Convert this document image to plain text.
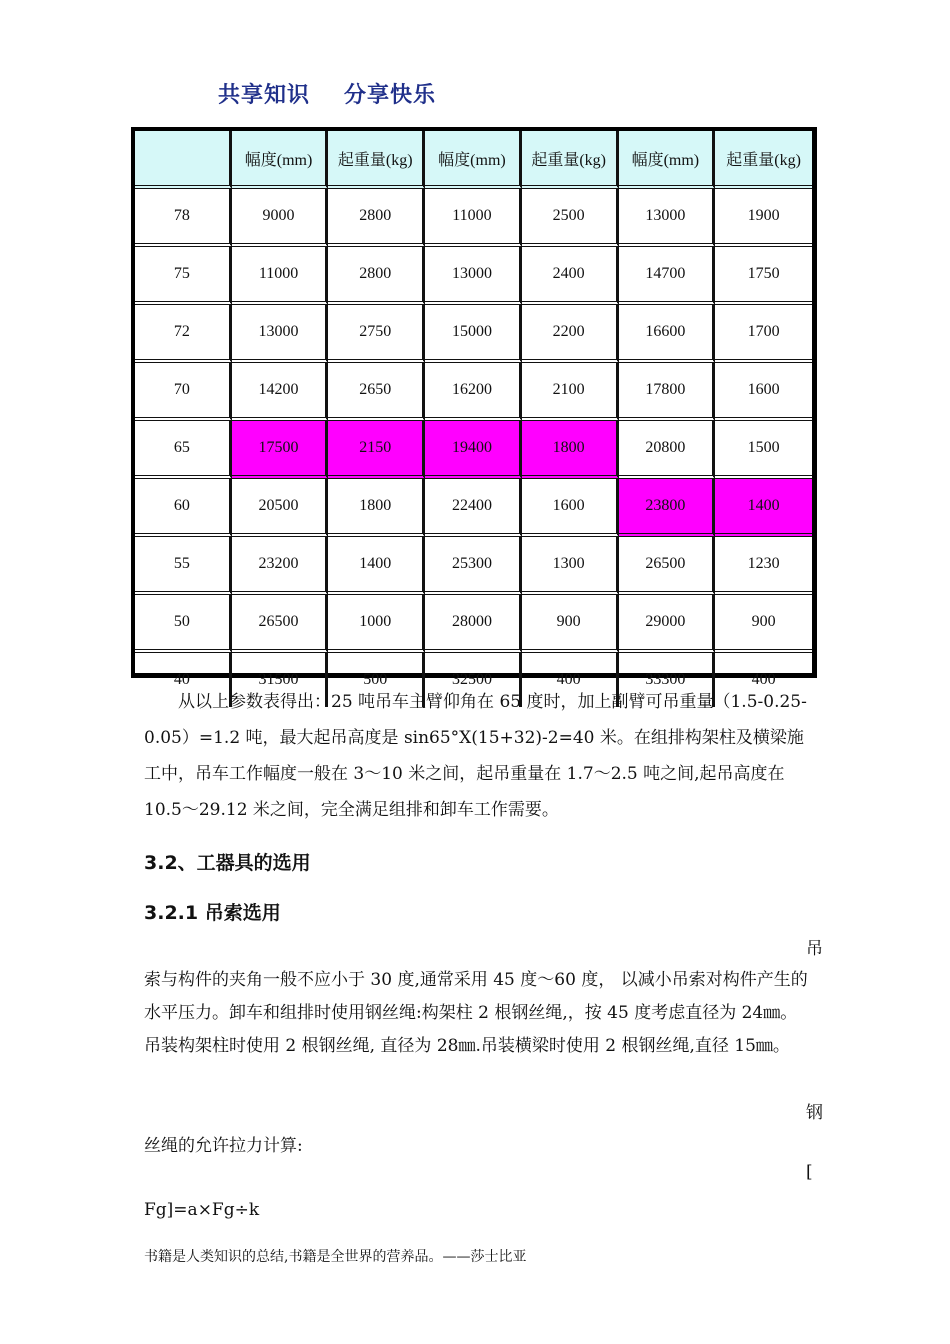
共享知识 分享快乐
	幅度(mm)	起重量(kg)	幅度(mm)	起重量(kg)	幅度(mm)	起重量(kg)
78	9000	2800	11000	2500	13000	1900
75	11000	2800	13000	2400	14700	1750
72	13000	2750	15000	2200	16600	1700
70	14200	2650	16200	2100	17800	1600
65	17500	2150	19400	1800	20800	1500
60	20500	1800	22400	1600	23800	1400
55	23200	1400	25300	1300	26500	1230
50	26500	1000	28000	900	29000	900
40	31500	500	32500	400	33300	400
从以上参数表得出：25 吨吊车主臂仰角在 65 度时，加上副臂可吊重量（1.5-0.25-0.05）=1.2 吨，最大起吊高度是 sin65°X(15+32)-2=40 米。在组排构架柱及横梁施工中，吊车工作幅度一般在 3～10 米之间，起吊重量在 1.7～2.5 吨之间,起吊高度在 10.5～29.12 米之间，完全满足组排和卸车工作需要。
3.2、工器具的选用
3.2.1 吊索选用
吊
索与构件的夹角一般不应小于 30 度,通常采用 45 度～60 度， 以减小吊索对构件产生的水平压力。卸车和组排时使用钢丝绳:构架柱 2 根钢丝绳,，按 45 度考虑直径为 24㎜。吊装构架柱时使用 2 根钢丝绳, 直径为 28㎜.吊装横梁时使用 2 根钢丝绳,直径 15㎜。
钢
丝绳的允许拉力计算:
[
Fg]=a×Fg÷k
书籍是人类知识的总结,书籍是全世界的营养品。——莎士比亚
